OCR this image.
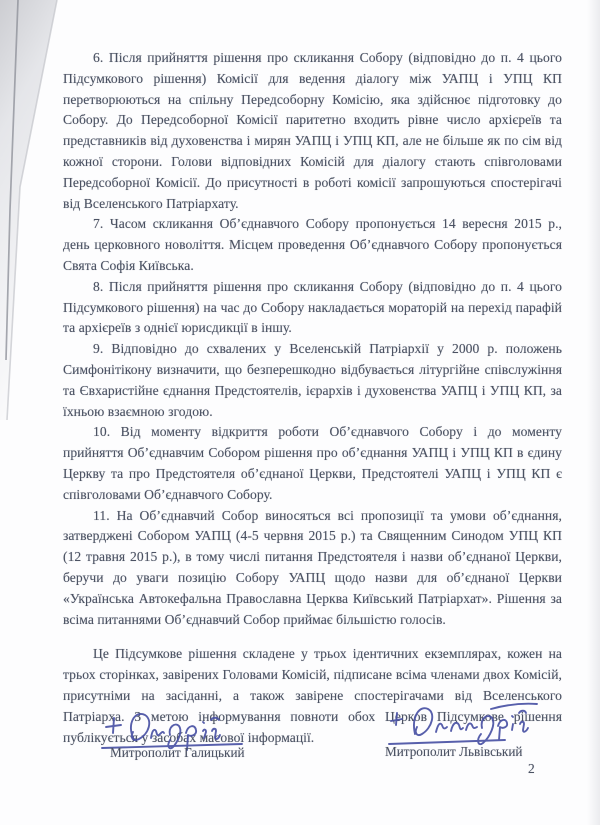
6. Після прийняття рішення про скликання Собору (відповідно до п. 4 цього Підсумкового рішення) Комісії для ведення діалогу між УАПЦ і УПЦ КП перетворюються на спільну Передсоборну Комісію, яка здійснює підготовку до Собору. До Передсоборної Комісії паритетно входить рівне число архієреїв та представників від духовенства і мирян УАПЦ і УПЦ КП, але не більше як по сім від кожної сторони. Голови відповідних Комісій для діалогу стають співголовами Передсоборної Комісії. До присутності в роботі комісії запрошуються спостерігачі від Вселенського Патріархату.

7. Часом скликання Об’єднавчого Собору пропонується 14 вересня 2015 р., день церковного новоліття. Місцем проведення Об’єднавчого Собору пропонується Свята Софія Київська.

8. Після прийняття рішення про скликання Собору (відповідно до п. 4 цього Підсумкового рішення) на час до Собору накладається мораторій на перехід парафій та архієреїв з однієї юрисдикції в іншу.

9. Відповідно до схвалених у Вселенській Патріархії у 2000 р. положень Симфонітікону визначити, що безперешкодно відбувається літургійне співслужіння та Євхаристійне єднання Предстоятелів, ієрархів і духовенства УАПЦ і УПЦ КП, за їхньою взаємною згодою.

10. Від моменту відкриття роботи Об’єднавчого Собору і до моменту прийняття Об’єднавчим Собором рішення про об’єднання УАПЦ і УПЦ КП в єдину Церкву та про Предстоятеля об’єднаної Церкви, Предстоятелі УАПЦ і УПЦ КП є співголовами Об’єднавчого Собору.

11. На Об’єднавчий Собор виносяться всі пропозиції та умови об’єднання, затверджені Собором УАПЦ (4-5 червня 2015 р.) та Священним Синодом УПЦ КП (12 травня 2015 р.), в тому числі питання Предстоятеля і назви об’єднаної Церкви, беручи до уваги позицію Собору УАПЦ щодо назви для об’єднаної Церкви «Українська Автокефальна Православна Церква Київський Патріархат». Рішення за всіма питаннями Об’єднавчий Собор приймає більшістю голосів.

Це Підсумкове рішення складене у трьох ідентичних екземплярах, кожен на трьох сторінках, завірених Головами Комісій, підписане всіма членами двох Комісій, присутніми на засіданні, а також завірене спостерігачами від Вселенського Патріарха. З метою інформування повноти обох Церков Підсумкове рішення публікується у засобах масової інформації.

Митрополит Галицький	Митрополит Львівський
2
